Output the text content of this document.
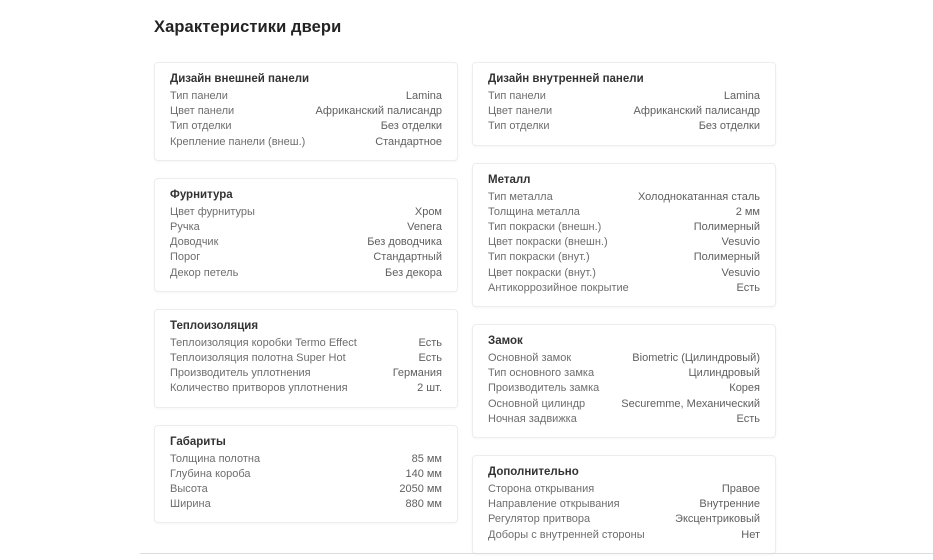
Характеристики двери
Дизайн внешней панели
Тип панели	Lamina
Цвет панели	Африканский палисандр
Тип отделки	Без отделки
Крепление панели (внеш.)	Стандартное
Фурнитура
Цвет фурнитуры	Хром
Ручка	Venera
Доводчик	Без доводчика
Порог	Стандартный
Декор петель	Без декора
Теплоизоляция
Теплоизоляция коробки Termo Effect	Есть
Теплоизоляция полотна Super Hot	Есть
Производитель уплотнения	Германия
Количество притворов уплотнения	2 шт.
Габариты
Толщина полотна	85 мм
Глубина короба	140 мм
Высота	2050 мм
Ширина	880 мм
Дизайн внутренней панели
Тип панели	Lamina
Цвет панели	Африканский палисандр
Тип отделки	Без отделки
Металл
Тип металла	Холоднокатанная сталь
Толщина металла	2 мм
Тип покраски (внешн.)	Полимерный
Цвет покраски (внешн.)	Vesuvio
Тип покраски (внут.)	Полимерный
Цвет покраски (внут.)	Vesuvio
Антикоррозийное покрытие	Есть
Замок
Основной замок	Biometric (Цилиндровый)
Тип основного замка	Цилиндровый
Производитель замка	Корея
Основной цилиндр	Securemme, Механический
Ночная задвижка	Есть
Дополнительно
Сторона открывания	Правое
Направление открывания	Внутренние
Регулятор притвора	Эксцентриковый
Доборы с внутренней стороны	Нет
